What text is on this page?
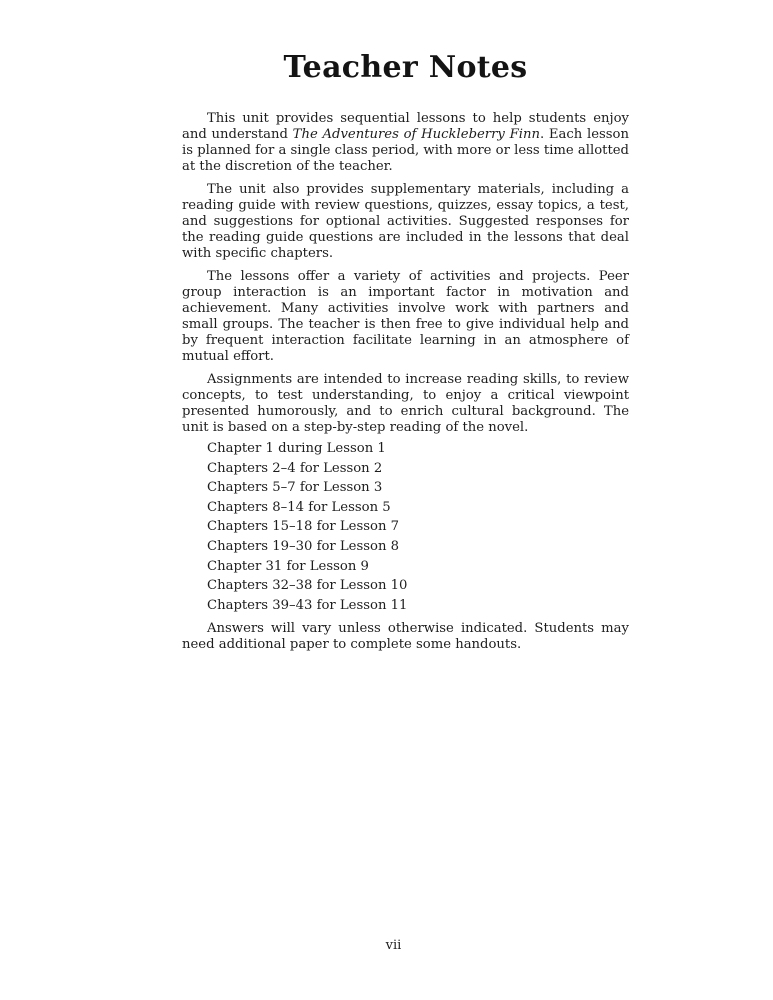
Teacher Notes

This unit provides sequential lessons to help students enjoy and understand The Adventures of Huckleberry Finn. Each lesson is planned for a single class period, with more or less time allotted at the discretion of the teacher.

The unit also provides supplementary materials, including a reading guide with review questions, quizzes, essay topics, a test, and suggestions for optional activities. Suggested responses for the reading guide questions are included in the lessons that deal with specific chapters.

The lessons offer a variety of activities and projects. Peer group interaction is an important factor in motivation and achievement. Many activities involve work with partners and small groups. The teacher is then free to give individual help and by frequent interaction facilitate learning in an atmosphere of mutual effort.

Assignments are intended to increase reading skills, to review concepts, to test understanding, to enjoy a critical viewpoint presented humorously, and to enrich cultural background. The unit is based on a step-by-step reading of the novel.

Chapter 1 during Lesson 1
Chapters 2–4 for Lesson 2
Chapters 5–7 for Lesson 3
Chapters 8–14 for Lesson 5
Chapters 15–18 for Lesson 7
Chapters 19–30 for Lesson 8
Chapter 31 for Lesson 9
Chapters 32–38 for Lesson 10
Chapters 39–43 for Lesson 11

Answers will vary unless otherwise indicated. Students may need additional paper to complete some handouts.

vii
